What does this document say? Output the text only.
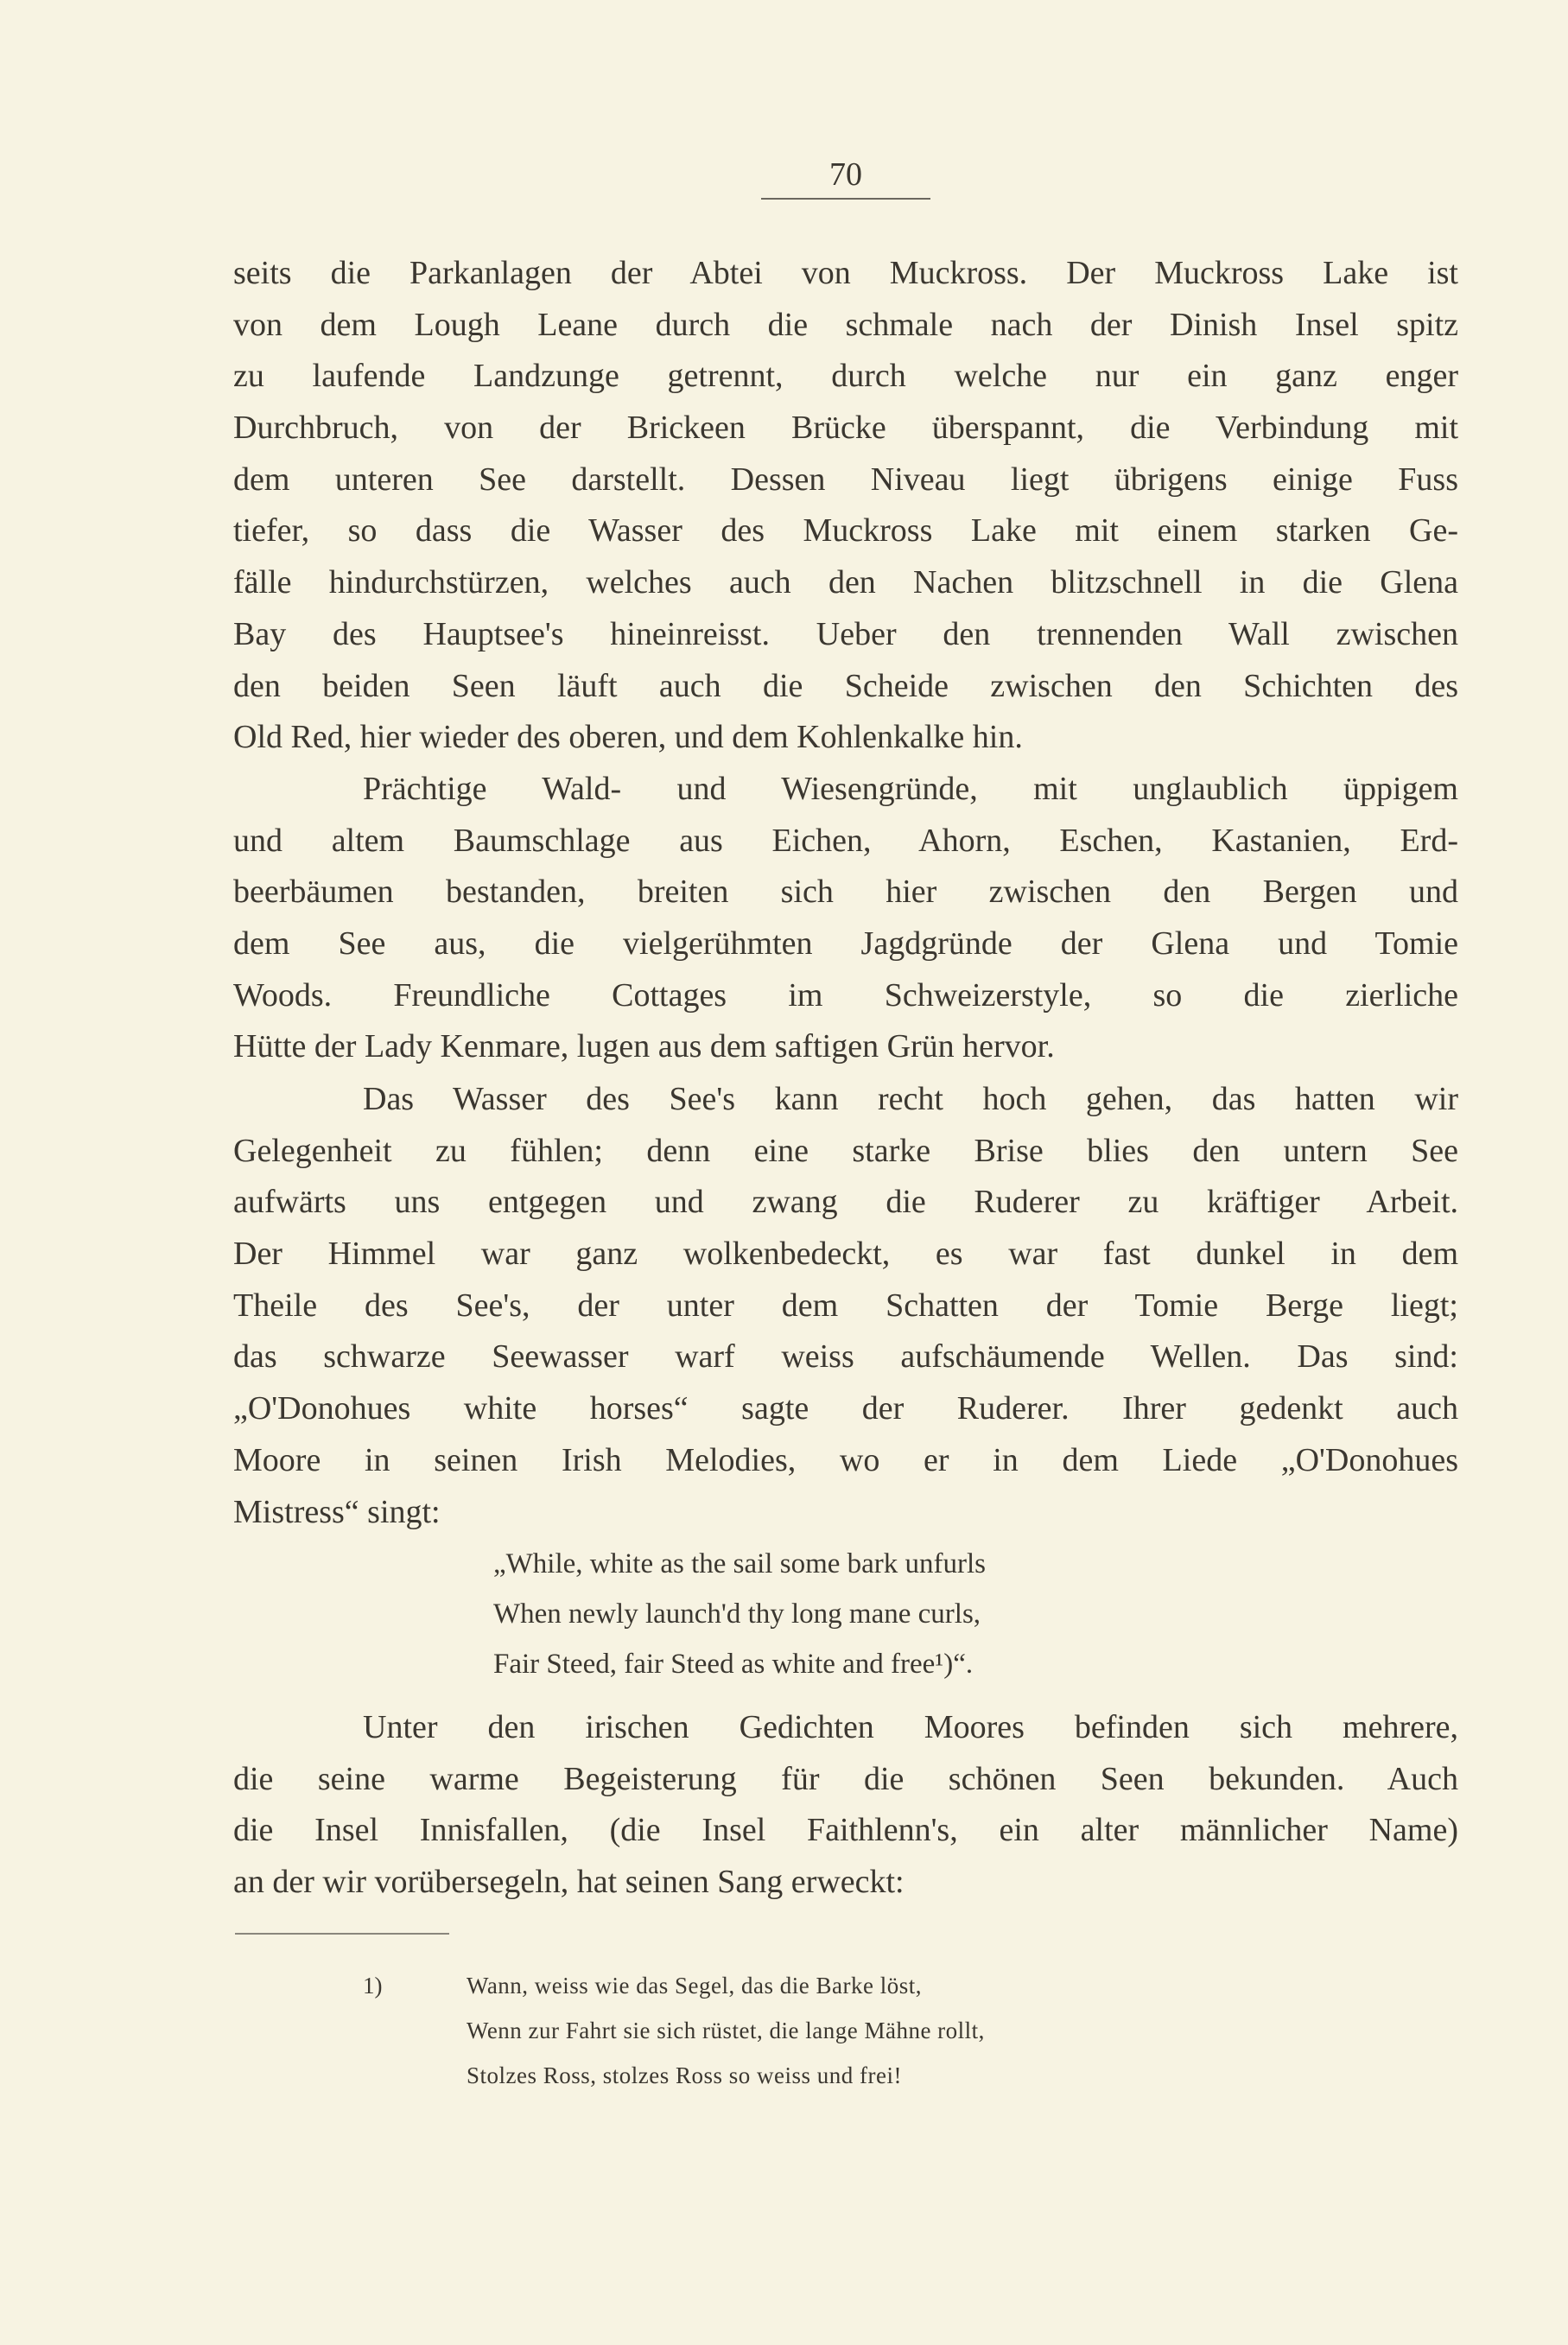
70
seits die Parkanlagen der Abtei von Muckross. Der Muckross Lake ist
von dem Lough Leane durch die schmale nach der Dinish Insel spitz
zu laufende Landzunge getrennt, durch welche nur ein ganz enger
Durchbruch, von der Brickeen Brücke überspannt, die Verbindung mit
dem unteren See darstellt. Dessen Niveau liegt übrigens einige Fuss
tiefer, so dass die Wasser des Muckross Lake mit einem starken Ge-
fälle hindurchstürzen, welches auch den Nachen blitzschnell in die Glena
Bay des Hauptsee's hineinreisst. Ueber den trennenden Wall zwischen
den beiden Seen läuft auch die Scheide zwischen den Schichten des
Old Red, hier wieder des oberen, und dem Kohlenkalke hin.
Prächtige Wald- und Wiesengründe, mit unglaublich üppigem
und altem Baumschlage aus Eichen, Ahorn, Eschen, Kastanien, Erd-
beerbäumen bestanden, breiten sich hier zwischen den Bergen und
dem See aus, die vielgerühmten Jagdgründe der Glena und Tomie
Woods. Freundliche Cottages im Schweizerstyle, so die zierliche
Hütte der Lady Kenmare, lugen aus dem saftigen Grün hervor.
Das Wasser des See's kann recht hoch gehen, das hatten wir
Gelegenheit zu fühlen; denn eine starke Brise blies den untern See
aufwärts uns entgegen und zwang die Ruderer zu kräftiger Arbeit.
Der Himmel war ganz wolkenbedeckt, es war fast dunkel in dem
Theile des See's, der unter dem Schatten der Tomie Berge liegt;
das schwarze Seewasser warf weiss aufschäumende Wellen. Das sind:
„O'Donohues white horses“ sagte der Ruderer. Ihrer gedenkt auch
Moore in seinen Irish Melodies, wo er in dem Liede „O'Donohues
Mistress“ singt:
„While, white as the sail some bark unfurls
When newly launch'd thy long mane curls,
Fair Steed, fair Steed as white and free¹)“.
Unter den irischen Gedichten Moores befinden sich mehrere,
die seine warme Begeisterung für die schönen Seen bekunden. Auch
die Insel Innisfallen, (die Insel Faithlenn's, ein alter männlicher Name)
an der wir vorübersegeln, hat seinen Sang erweckt:
1)	Wann, weiss wie das Segel, das die Barke löst,
Wenn zur Fahrt sie sich rüstet, die lange Mähne rollt,
Stolzes Ross, stolzes Ross so weiss und frei!
